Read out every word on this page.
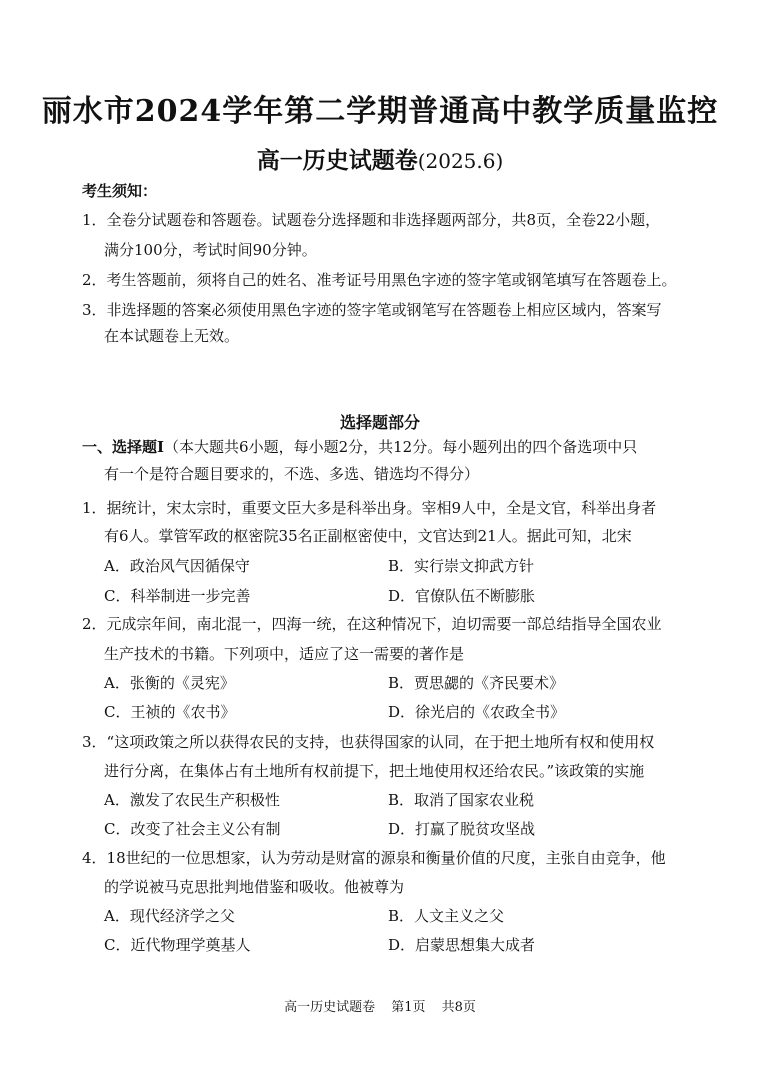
丽水市2024学年第二学期普通高中教学质量监控
高一历史试题卷(2025.6)
考生须知：
1．全卷分试题卷和答题卷。试题卷分选择题和非选择题两部分，共8页，全卷22小题，
满分100分，考试时间90分钟。
2．考生答题前，须将自己的姓名、准考证号用黑色字迹的签字笔或钢笔填写在答题卷上。
3．非选择题的答案必须使用黑色字迹的签字笔或钢笔写在答题卷上相应区域内，答案写
在本试题卷上无效。
选择题部分
一、选择题Ⅰ（本大题共6小题，每小题2分，共12分。每小题列出的四个备选项中只
有一个是符合题目要求的，不选、多选、错选均不得分）
1．据统计，宋太宗时，重要文臣大多是科举出身。宰相9人中，全是文官，科举出身者
有6人。掌管军政的枢密院35名正副枢密使中，文官达到21人。据此可知，北宋
A．政治风气因循保守	B．实行崇文抑武方针
C．科举制进一步完善	D．官僚队伍不断膨胀
2．元成宗年间，南北混一，四海一统，在这种情况下，迫切需要一部总结指导全国农业
生产技术的书籍。下列项中，适应了这一需要的著作是
A．张衡的《灵宪》	B．贾思勰的《齐民要术》
C．王祯的《农书》	D．徐光启的《农政全书》
3．“这项政策之所以获得农民的支持，也获得国家的认同，在于把土地所有权和使用权
进行分离，在集体占有土地所有权前提下，把土地使用权还给农民。”该政策的实施
A．激发了农民生产积极性	B．取消了国家农业税
C．改变了社会主义公有制	D．打赢了脱贫攻坚战
4．18世纪的一位思想家，认为劳动是财富的源泉和衡量价值的尺度，主张自由竞争，他
的学说被马克思批判地借鉴和吸收。他被尊为
A．现代经济学之父	B．人文主义之父
C．近代物理学奠基人	D．启蒙思想集大成者
高一历史试题卷 第1页 共8页
